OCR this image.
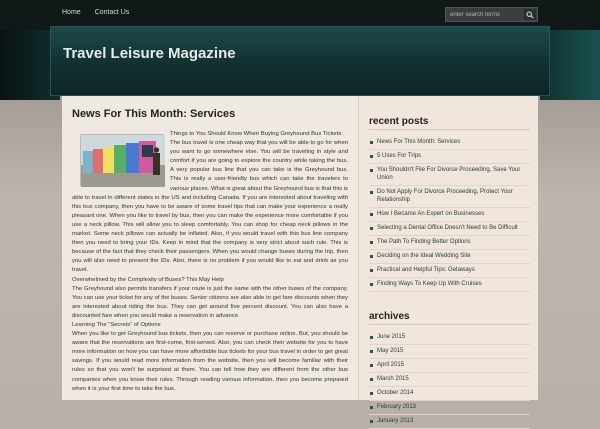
Home Contact Us
enter search terms
Travel Leisure Magazine
News For This Month: Services

Things to You Should Know When Buying Greyhound Bus Tickets

The bus travel is one cheap way that you will be able to go for when you want to go somewhere else. You will be traveling in style and comfort if you are going to explore the country while taking the bus. A very popular bus line that you can take is the Greyhound bus. This is really a user-friendly bus which can take the travelers to various places. What is great about the Greyhound bus is that this is able to travel in different states in the US and including Canada. If you are interested about traveling with this bus company, then you have to be aware of some travel tips that can make your experience a really pleasant one. When you like to travel by bus, then you can make the experience more comfortable if you use a neck pillow. This will allow you to sleep comfortably. You can shop for cheap neck pillows in the market. Some neck pillows can actually be inflated. Also, if you would travel with this bus line company then you need to bring your IDs. Keep in mind that the company is very strict about such rule. This is because of the fact that they check their passengers. When you would change buses during the trip, then you will also need to present the IDs. Also, there is no problem if you would like to eat and drink as you travel.

Overwhelmed by the Complexity of Buses? This May Help

The Greyhound also permits transfers if your route is just the same with the other buses of the company. You can use your ticket for any of the buses. Senior citizens are also able to get fare discounts when they are interested about riding the bus. They can get around five percent discount. You can also have a discounted fare when you would make a reservation in advance.

Learning The “Secrets” of Options

When you like to get Greyhound bus tickets, then you can reserve or purchase online. But, you should be aware that the reservations are first-come, first-served. Also, you can check their website for you to have more information on how you can have more affordable bus tickets for your bus travel in order to get great savings. If you would read more information from the website, then you will become familiar with their rules so that you won't be surprised at them. You can tell how they are different from the other bus companies when you know their rules. Through reading various information, then you become prepared when it is your first time to take the bus.

recent posts
News For This Month: Services
5 Uses For Trips
You Shouldn't File For Divorce Proceeding, Save Your Union
Do Not Apply For Divorce Proceeding, Protect Your Relationship
How I Became An Expert on Businesses
Selecting a Dental Office Doesn't Need to Be Difficult
The Path To Finding Better Options
Deciding on the Ideal Wedding Site
Practical and Helpful Tips: Getaways
Finding Ways To Keep Up With Cruises
archives
June 2015
May 2015
April 2015
March 2015
October 2014
February 2013
January 2013
